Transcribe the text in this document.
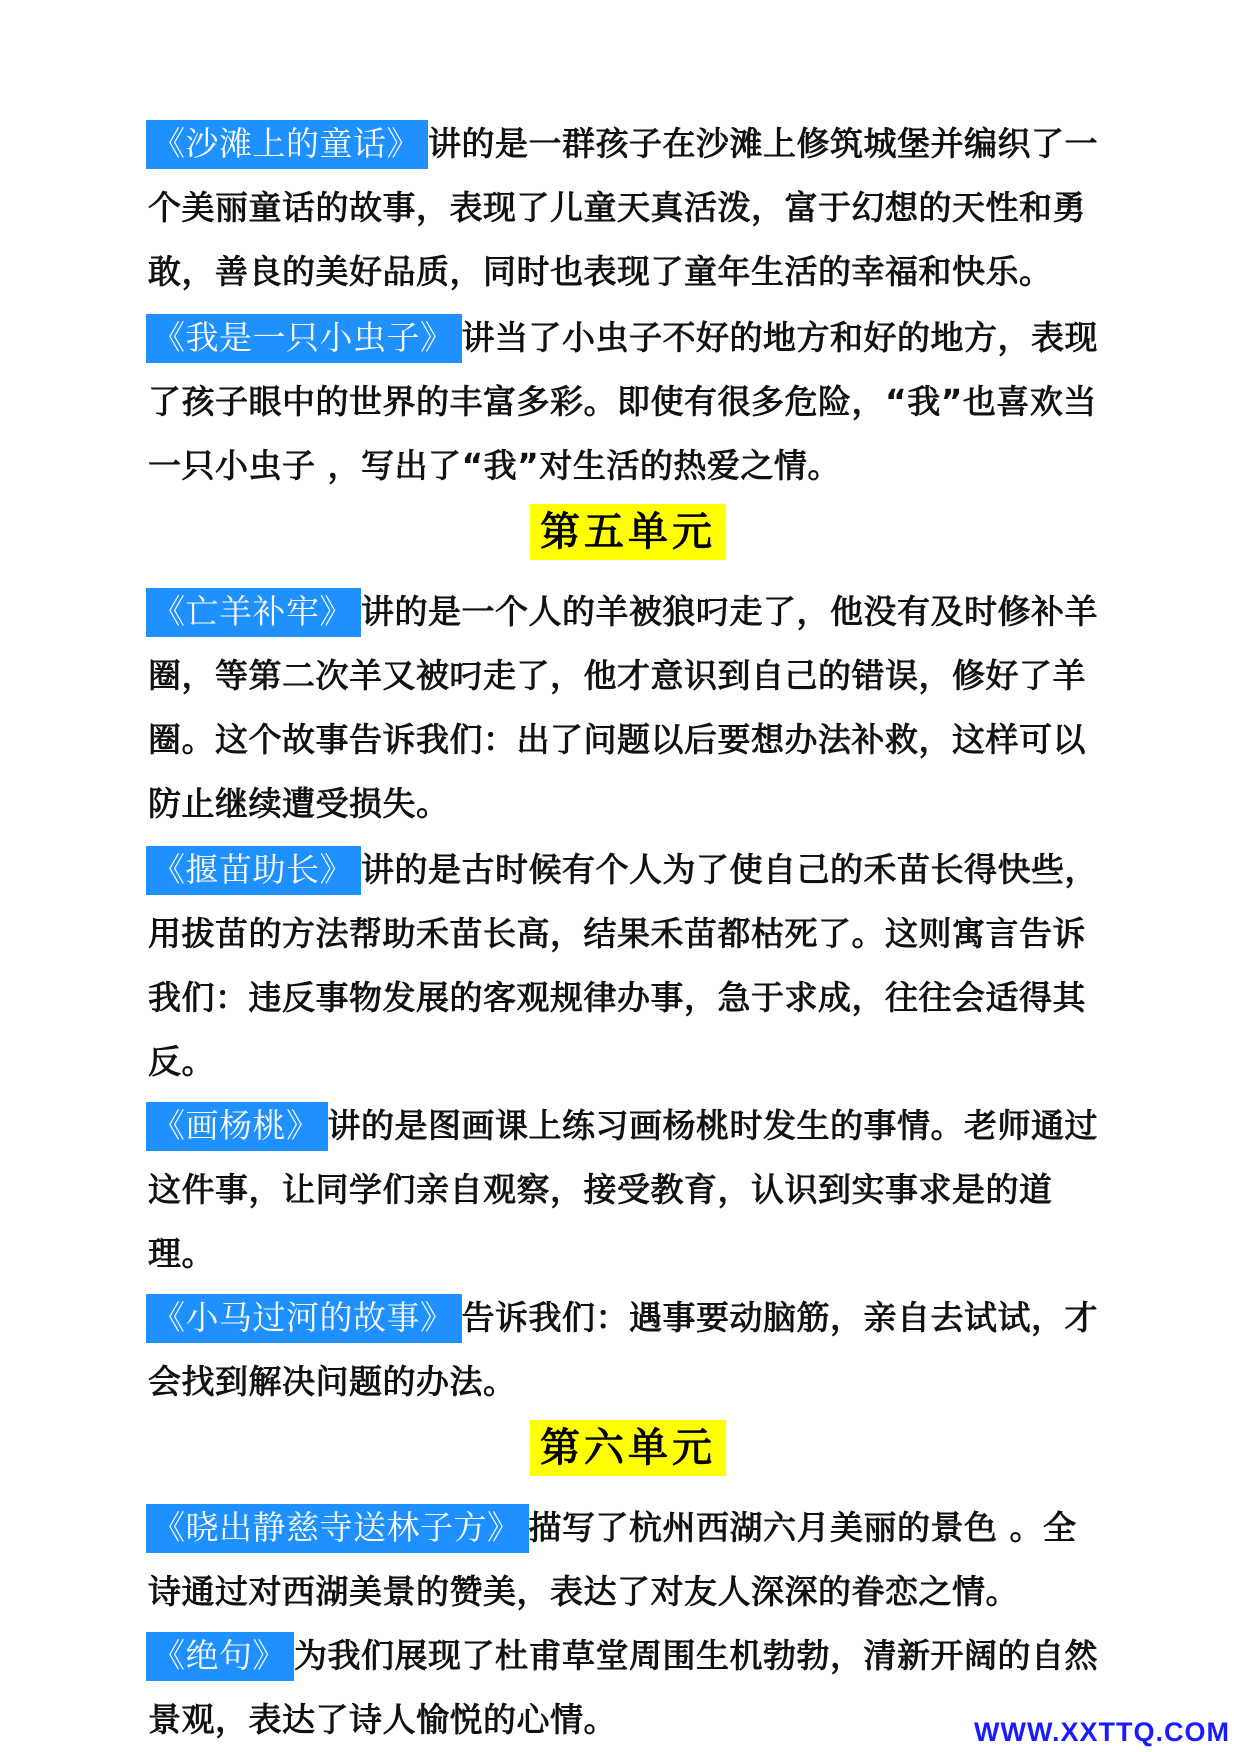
《沙滩上的童话》 讲的是一群孩子在沙滩上修筑城堡并编织了一个美丽童话的故事，表现了儿童天真活泼，富于幻想的天性和勇敢，善良的美好品质，同时也表现了童年生活的幸福和快乐。

《我是一只小虫子》 讲当了小虫子不好的地方和好的地方，表现了孩子眼中的世界的丰富多彩。即使有很多危险，“我”也喜欢当一只小虫子 ，写出了“我”对生活的热爱之情。

第五单元

《亡羊补牢》 讲的是一个人的羊被狼叼走了，他没有及时修补羊圈，等第二次羊又被叼走了，他才意识到自己的错误，修好了羊圈。这个故事告诉我们：出了问题以后要想办法补救，这样可以防止继续遭受损失。

《揠苗助长》 讲的是古时候有个人为了使自己的禾苗长得快些，用拔苗的方法帮助禾苗长高，结果禾苗都枯死了。这则寓言告诉我们：违反事物发展的客观规律办事，急于求成，往往会适得其反。

《画杨桃》 讲的是图画课上练习画杨桃时发生的事情。老师通过这件事，让同学们亲自观察，接受教育，认识到实事求是的道理。

《小马过河的故事》 告诉我们：遇事要动脑筋，亲自去试试，才会找到解决问题的办法。

第六单元

《晓出静慈寺送林子方》 描写了杭州西湖六月美丽的景色 。全诗通过对西湖美景的赞美，表达了对友人深深的眷恋之情。

《绝句》 为我们展现了杜甫草堂周围生机勃勃，清新开阔的自然景观，表达了诗人愉悦的心情。	WWW.XXTTQ.COM
